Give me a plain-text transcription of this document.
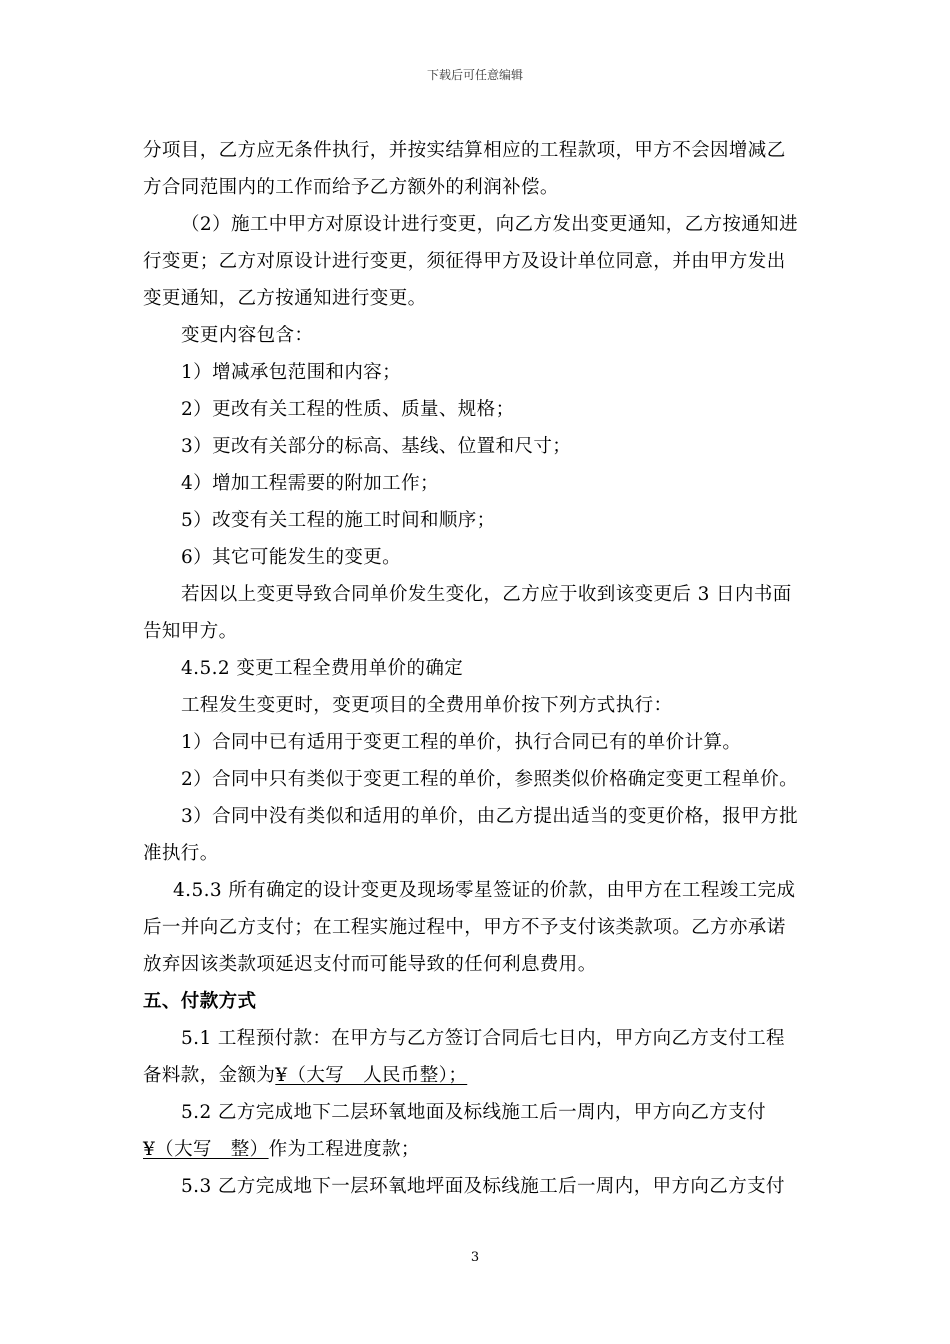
下载后可任意编辑
分项目，乙方应无条件执行，并按实结算相应的工程款项，甲方不会因增减乙
方合同范围内的工作而给予乙方额外的利润补偿。
（2）施工中甲方对原设计进行变更，向乙方发出变更通知，乙方按通知进
行变更；乙方对原设计进行变更，须征得甲方及设计单位同意，并由甲方发出
变更通知，乙方按通知进行变更。
变更内容包含：
1）增减承包范围和内容；
2）更改有关工程的性质、质量、规格；
3）更改有关部分的标高、基线、位置和尺寸；
4）增加工程需要的附加工作；
5）改变有关工程的施工时间和顺序；
6）其它可能发生的变更。
若因以上变更导致合同单价发生变化，乙方应于收到该变更后 3 日内书面
告知甲方。
4.5.2 变更工程全费用单价的确定
工程发生变更时，变更项目的全费用单价按下列方式执行：
1）合同中已有适用于变更工程的单价，执行合同已有的单价计算。
2）合同中只有类似于变更工程的单价，参照类似价格确定变更工程单价。
3）合同中没有类似和适用的单价，由乙方提出适当的变更价格，报甲方批
准执行。
4.5.3 所有确定的设计变更及现场零星签证的价款，由甲方在工程竣工完成
后一并向乙方支付；在工程实施过程中，甲方不予支付该类款项。乙方亦承诺
放弃因该类款项延迟支付而可能导致的任何利息费用。
五、付款方式
5.1 工程预付款：在甲方与乙方签订合同后七日内，甲方向乙方支付工程
备料款，金额为¥（大写　人民币整）；
5.2 乙方完成地下二层环氧地面及标线施工后一周内，甲方向乙方支付
¥（大写　整）作为工程进度款；
5.3 乙方完成地下一层环氧地坪面及标线施工后一周内，甲方向乙方支付
3
